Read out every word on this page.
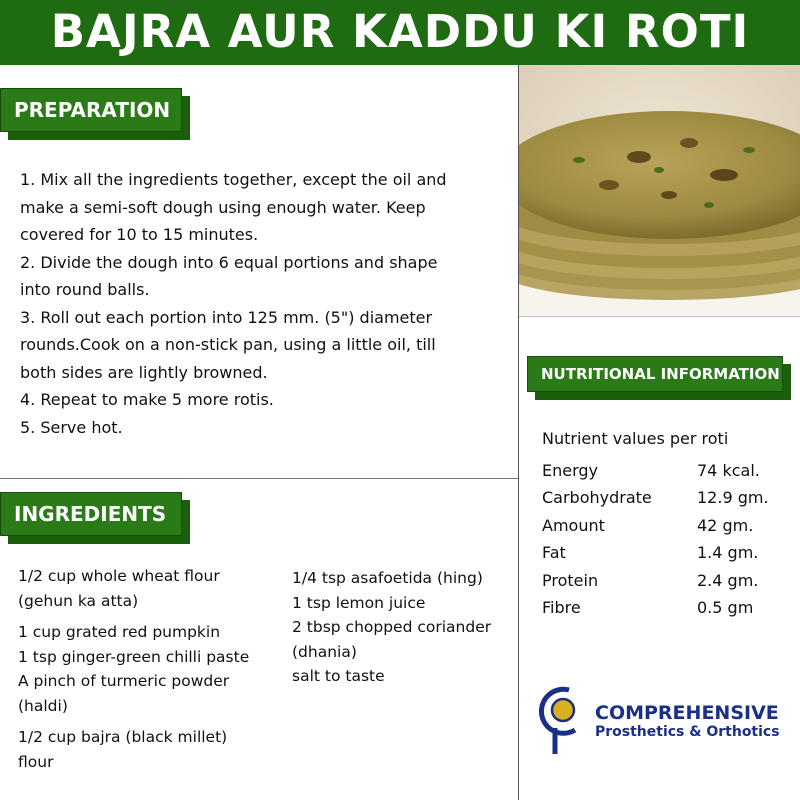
BAJRA AUR KADDU KI ROTI
PREPARATION
1. Mix all the ingredients together, except the oil and
make a semi-soft dough using enough water. Keep
covered for 10 to 15 minutes.
2. Divide the dough into 6 equal portions and shape
into round balls.
3. Roll out each portion into 125 mm. (5") diameter
rounds.Cook on a non-stick pan, using a little oil, till
both sides are lightly browned.
4. Repeat to make 5 more rotis.
5. Serve hot.
INGREDIENTS
1/2 cup whole wheat flour
(gehun ka atta)
1 cup grated red pumpkin
1 tsp ginger-green chilli paste
A pinch of turmeric powder
(haldi)
1/2 cup bajra (black millet)
flour
1/4 tsp asafoetida (hing)
1 tsp lemon juice
2 tbsp chopped coriander
(dhania)
salt to taste
NUTRITIONAL INFORMATION
Nutrient values per roti
Energy	74 kcal.
Carbohydrate	12.9 gm.
Amount	42 gm.
Fat	1.4 gm.
Protein	2.4 gm.
Fibre	0.5 gm
COMPREHENSIVE
Prosthetics & Orthotics
